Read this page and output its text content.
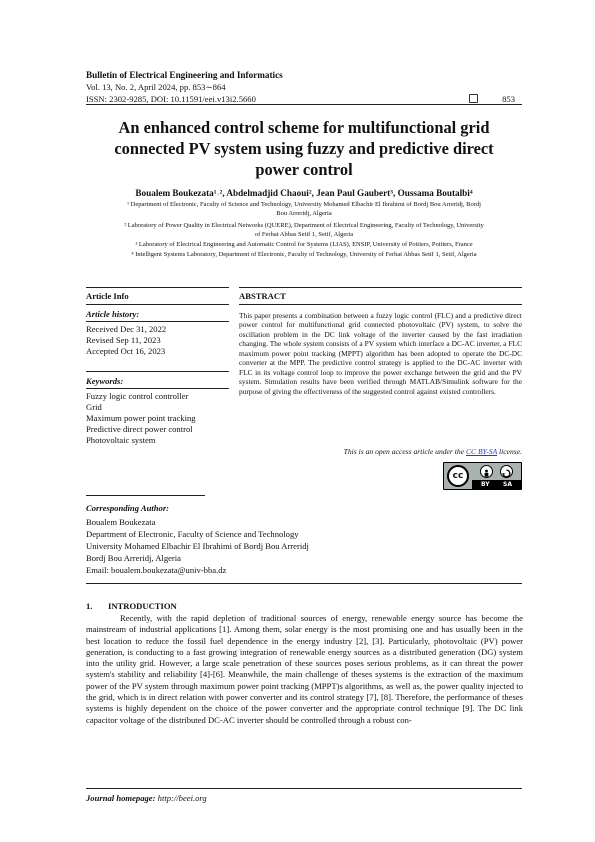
Bulletin of Electrical Engineering and Informatics
Vol. 13, No. 2, April 2024, pp. 853∼864
ISSN: 2302-9285, DOI: 10.11591/eei.v13i2.5660	853
An enhanced control scheme for multifunctional grid
connected PV system using fuzzy and predictive direct
power control
Boualem Boukezata¹˒², Abdelmadjid Chaoui², Jean Paul Gaubert³, Oussama Boutalbi⁴
¹ Department of Electronic, Faculty of Science and Technology, University Mohamed Elbachir El Ibrahimi of Bordj Bou Arreridj, Bordj
Bou Arreridj, Algeria
² Laboratory of Power Quality in Electrical Networks (QUERE), Department of Electrical Engineering, Faculty of Technology, University
of Ferhat Abbas Setif 1, Setif, Algeria
³ Laboratory of Electrical Engineering and Automatic Control for Systems (LIAS), ENSIP, University of Poitiers, Poitiers, France
⁴ Intelligent Systems Laboratory, Department of Electronic, Faculty of Technology, University of Ferhat Abbas Setif 1, Setif, Algeria
Article Info	ABSTRACT
Article history:
Received Dec 31, 2022
Revised Sep 11, 2023
Accepted Oct 16, 2023
Keywords:
Fuzzy logic control controller
Grid
Maximum power point tracking
Predictive direct power control
Photovoltaic system
This paper presents a combination between a fuzzy logic control (FLC) and a predictive direct power control for multifunctional grid connected photovoltaic (PV) system, to solve the oscillation problem in the DC link voltage of the inverter caused by the fast irradiation changing. The whole system consists of a PV system which interface a DC-AC inverter, a FLC maximum power point tracking (MPPT) algorithm has been adopted to operate the DC-DC converter at the MPP. The predictive control strategy is applied to the DC-AC inverter with FLC in its voltage control loop to improve the power exchange between the grid and the PV system. Simulation results have been verified through MATLAB/Simulink software for the purpose of giving the effectiveness of the suggested control against existed controllers.
This is an open access article under the CC BY-SA license.
cc
BY SA
Corresponding Author:
Boualem Boukezata
Department of Electronic, Faculty of Science and Technology
University Mohamed Elbachir El Ibrahimi of Bordj Bou Arreridj
Bordj Bou Arreridj, Algeria
Email: boualem.boukezata@univ-bba.dz
1. INTRODUCTION
Recently, with the rapid depletion of traditional sources of energy, renewable energy source has become the mainstream of industrial applications [1]. Among them, solar energy is the most promising one and has usually been in the best location to reduce the fossil fuel dependence in the energy industry [2], [3]. Particularly, photovoltaic (PV) power generation, is conducting to a fast growing integration of renewable energy sources as a distributed generation (DG) system into the utility grid. However, a large scale penetration of these sources poses serious problems, as it can threat the power system's stability and reliability [4]-[6]. Meanwhile, the main challenge of theses systems is the extraction of the maximum power of the PV system through maximum power point tracking (MPPT)s algorithms, as well as, the power quality injected to the grid, which is in direct relation with power converter and its control strategy [7], [8]. Therefore, the performance of theses systems is highly dependent on the choice of the power converter and the appropriate control technique [9]. The DC link capacitor voltage of the distributed DC-AC inverter should be controlled through a robust con-
Journal homepage: http://beei.org
